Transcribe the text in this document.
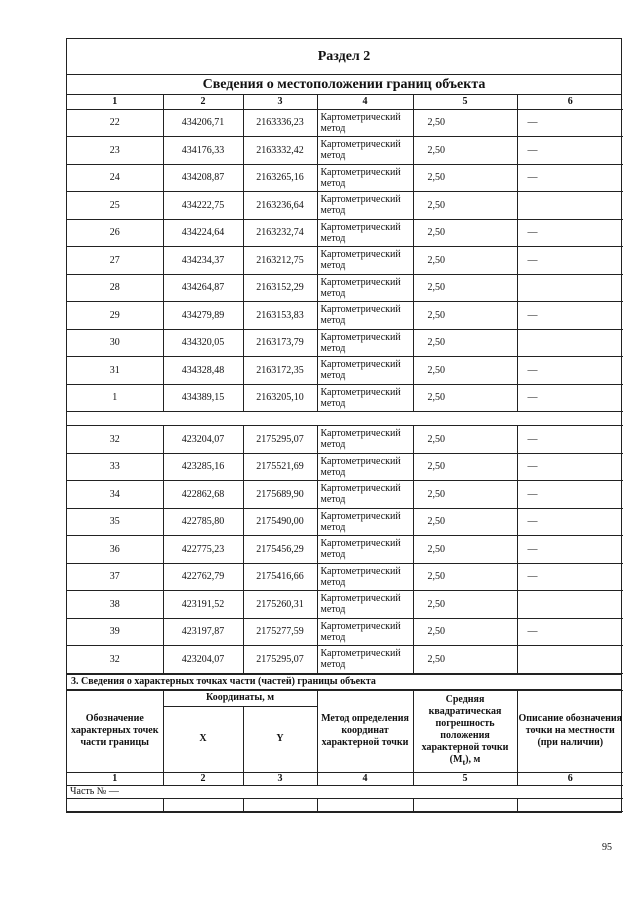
Раздел 2
Сведения о местоположении границ объекта
1	2	3	4	5	6
22	434206,71	2163336,23	Картометрический метод	2,50	—
23	434176,33	2163332,42	Картометрический метод	2,50	—
24	434208,87	2163265,16	Картометрический метод	2,50	—
25	434222,75	2163236,64	Картометрический метод	2,50	
26	434224,64	2163232,74	Картометрический метод	2,50	—
27	434234,37	2163212,75	Картометрический метод	2,50	—
28	434264,87	2163152,29	Картометрический метод	2,50	
29	434279,89	2163153,83	Картометрический метод	2,50	—
30	434320,05	2163173,79	Картометрический метод	2,50	
31	434328,48	2163172,35	Картометрический метод	2,50	—
1	434389,15	2163205,10	Картометрический метод	2,50	—

32	423204,07	2175295,07	Картометрический метод	2,50	—
33	423285,16	2175521,69	Картометрический метод	2,50	—
34	422862,68	2175689,90	Картометрический метод	2,50	—
35	422785,80	2175490,00	Картометрический метод	2,50	—
36	422775,23	2175456,29	Картометрический метод	2,50	—
37	422762,79	2175416,66	Картометрический метод	2,50	—
38	423191,52	2175260,31	Картометрический метод	2,50	
39	423197,87	2175277,59	Картометрический метод	2,50	—
32	423204,07	2175295,07	Картометрический метод	2,50	
3. Сведения о характерных точках части (частей) границы объекта
Обозначение характерных точек части границы	Координаты, м		Метод определения координат характерной точки	Средняя квадратическая погрешность положения характерной точки $(M_t)$, м	Описание обозначения точки на местности (при наличии)
	X	Y			
1	2	3	4	5	6
Часть № —					

95
